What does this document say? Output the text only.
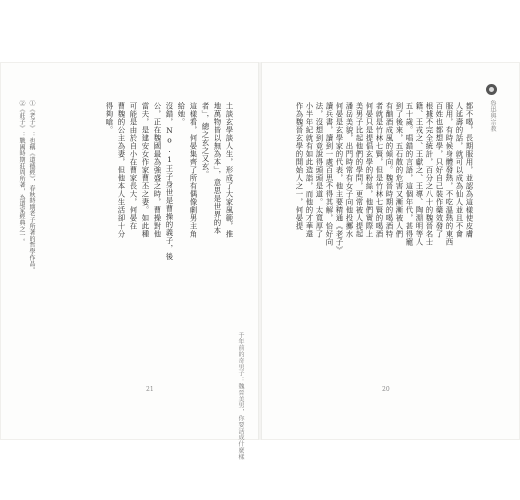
千年前的奇男子：魏晉美男，你要活成什麼樣
21
土談玄學談人生，形成了大家風範，推
地萬物皆以無為本」，意思是世界的本
者」，總之玄之又玄。
這樣看，何晏集齊了所有偶像劇男主角
給她。
沒錯，No.1王子身世是曹操的義子，後
公，正在魏國最為強盛之時，曹操對他
當夫，是建安女作家曹丕之妻。如此種
可能是由於自小在曹家長大，何晏在
曹魏的公主為妻，但他本人生活卻十分
得夠嗆。
①《老子》：也稱《道德經》，春秋時期老子所著的哲學作品。
②《莊子》：戰國時期莊周所著，為道家經典之一。	魯迅與宗教
20
都不喝，長期服用，並認為這樣使皮膚
人延壽的話，就可以成為仙人並且不會
服用，有時候身體發熱，不吃溫熱的東西
百姓也都想學，只好自己裝作藥效發了
根據不完全統計，百分之八十的魏晉名士
籍、王戎之、王獻之、王導、陶淵明等人
五十歲。唱錯的言語，這個年代，甚得寵
到了後來，五石散的危害又漸漸被人們
有酗酒成風的傾向。魏晉時期的喝酒特
者就是竹林七賢，但是竹林七賢的喝酒
何晏只是提倡玄學的粉絲，他們實際上
美男子比起他們的學問，更常被人提起
潘岳美貌，出門時常有女子向他投擲水
何晏是玄學家的代表，他主要精通《老子》
讀兵書，讀到一處百思不得其解，恰好向
法，沒想到竟說得頭頭是道。太寬厚了
小半年紀就有如此造詣，而他的才華還
作為魏晉玄學的開始人之一，何晏提
